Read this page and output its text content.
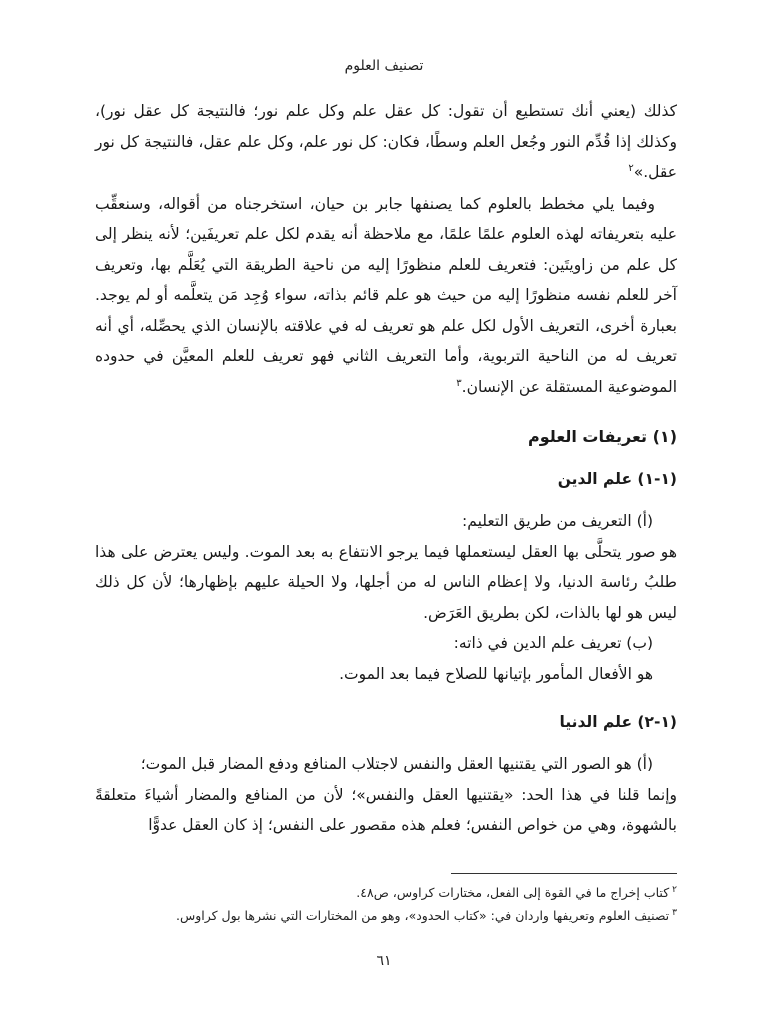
تصنيف العلوم

كذلك (يعني أنك تستطيع أن تقول: كل عقل علم وكل علم نور؛ فالنتيجة كل عقل نور)، وكذلك إذا قُدِّم النور وجُعل العلم وسطًا، فكان: كل نور علم، وكل علم عقل، فالنتيجة كل نور عقل.»$^٢$

وفيما يلي مخطط بالعلوم كما يصنفها جابر بن حيان، استخرجناه من أقواله، وسنعقِّب عليه بتعريفاته لهذه العلوم علمًا علمًا، مع ملاحظة أنه يقدم لكل علم تعريفَين؛ لأنه ينظر إلى كل علم من زاويتَين: فتعريف للعلم منظورًا إليه من ناحية الطريقة التي يُعَلَّم بها، وتعريف آخر للعلم نفسه منظورًا إليه من حيث هو علم قائم بذاته، سواء وُجِد مَن يتعلَّمه أو لم يوجد. بعبارة أخرى، التعريف الأول لكل علم هو تعريف له في علاقته بالإنسان الذي يحصِّله، أي أنه تعريف له من الناحية التربوية، وأما التعريف الثاني فهو تعريف للعلم المعيَّن في حدوده الموضوعية المستقلة عن الإنسان.$^٣$

(١) تعريفات العلوم
(١-١) علم الدين

(أ) التعريف من طريق التعليم:

هو صور يتحلَّى بها العقل ليستعملها فيما يرجو الانتفاع به بعد الموت. وليس يعترض على هذا طلبُ رئاسة الدنيا، ولا إعظام الناس له من أجلها، ولا الحيلة عليهم بإظهارها؛ لأن كل ذلك ليس هو لها بالذات، لكن بطريق العَرَض.

(ب) تعريف علم الدين في ذاته:

هو الأفعال المأمور بإتيانها للصلاح فيما بعد الموت.

(١-٢) علم الدنيا

(أ) هو الصور التي يقتنيها العقل والنفس لاجتلاب المنافع ودفع المضار قبل الموت؛

وإنما قلنا في هذا الحد: «يقتنيها العقل والنفس»؛ لأن من المنافع والمضار أشياءَ متعلقةً بالشهوة، وهي من خواص النفس؛ فعلم هذه مقصور على النفس؛ إذ كان العقل عدوًّا

$^٢$كتاب إخراج ما في القوة إلى الفعل، مختارات كراوس، ص٤٨.

$^٣$تصنيف العلوم وتعريفها واردان في: «كتاب الحدود»، وهو من المختارات التي نشرها بول كراوس.

٦١
